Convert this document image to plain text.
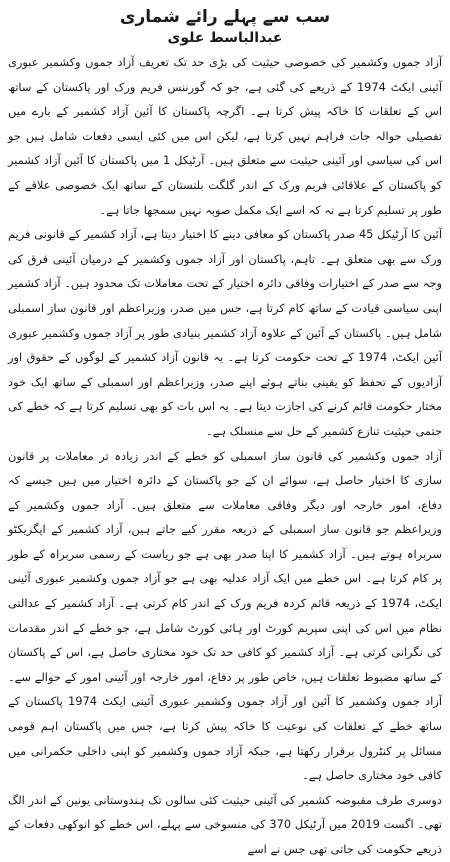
سب سے پہلے رائے شماری
عبدالباسط علوی

آزاد جموں وکشمیر کی خصوصی حیثیت کی بڑی حد تک تعریف آزاد جموں وکشمیر عبوری آئینی ایکٹ 1974 کے ذریعے کی گئی ہے، جو کہ گورننس فریم ورک اور پاکستان کے ساتھ اس کے تعلقات کا خاکہ پیش کرتا ہے۔ اگرچہ پاکستان کا آئین آزاد کشمیر کے بارے میں تفصیلی حوالہ جات فراہم نہیں کرتا ہے، لیکن اس میں کئی ایسی دفعات شامل ہیں جو اس کی سیاسی اور آئینی حیثیت سے متعلق ہیں۔ آرٹیکل 1 میں پاکستان کا آئین آزاد کشمیر کو پاکستان کے علاقائی فریم ورک کے اندر گلگت بلتستان کے ساتھ ایک خصوصی علاقے کے طور پر تسلیم کرتا ہے نہ کہ اسے ایک مکمل صوبہ نہیں سمجھا جاتا ہے۔

آئین کا آرٹیکل 45 صدر پاکستان کو معافی دینے کا اختیار دیتا ہے، آزاد کشمیر کے قانونی فریم ورک سے بھی متعلق ہے۔ تاہم، پاکستان اور آزاد جموں وکشمیر کے درمیان آئینی فرق کی وجہ سے صدر کے اختیارات وفاقی دائرہ اختیار کے تحت معاملات تک محدود ہیں۔ آزاد کشمیر اپنی سیاسی قیادت کے ساتھ کام کرتا ہے، جس میں صدر، وزیراعظم اور قانون ساز اسمبلی شامل ہیں۔ پاکستان کے آئین کے علاوہ آزاد کشمیر بنیادی طور پر آزاد جموں وکشمیر عبوری آئین ایکٹ، 1974 کے تحت حکومت کرتا ہے۔ یہ قانون آزاد کشمیر کے لوگوں کے حقوق اور آزادیوں کے تحفظ کو یقینی بناتے ہوئے اپنے صدر، وزیراعظم اور اسمبلی کے ساتھ ایک خود مختار حکومت قائم کرنے کی اجازت دیتا ہے۔ یہ اس بات کو بھی تسلیم کرتا ہے کہ خطے کی حتمی حیثیت تنازع کشمیر کے حل سے منسلک ہے۔

آزاد جموں وکشمیر کی قانون ساز اسمبلی کو خطے کے اندر زیادہ تر معاملات پر قانون سازی کا اختیار حاصل ہے، سوائے ان کے جو پاکستان کے دائرہ اختیار میں ہیں جیسے کہ دفاع، امور خارجہ اور دیگر وفاقی معاملات سے متعلق ہیں۔ آزاد جموں وکشمیر کے وزیراعظم جو قانون ساز اسمبلی کے ذریعہ مقرر کیے جاتے ہیں، آزاد کشمیر کے ایگزیکٹو سربراہ ہوتے ہیں۔ آزاد کشمیر کا اپنا صدر بھی ہے جو ریاست کے رسمی سربراہ کے طور پر کام کرتا ہے۔ اس خطے میں ایک آزاد عدلیہ بھی ہے جو آزاد جموں وکشمیر عبوری آئینی ایکٹ، 1974 کے ذریعہ قائم کردہ فریم ورک کے اندر کام کرتی ہے۔ آزاد کشمیر کے عدالتی نظام میں اس کی اپنی سپریم کورٹ اور ہائی کورٹ شامل ہے، جو خطے کے اندر مقدمات کی نگرانی کرتی ہے۔ آزاد کشمیر کو کافی حد تک خود مختاری حاصل ہے، اس کے پاکستان کے ساتھ مضبوط تعلقات ہیں، خاص طور پر دفاع، امور خارجہ اور آئینی امور کے حوالے سے۔ آزاد جموں وکشمیر کا آئین اور آزاد جموں وکشمیر عبوری آئینی ایکٹ 1974 پاکستان کے ساتھ خطے کے تعلقات کی نوعیت کا خاکہ پیش کرتا ہے، جس میں پاکستان اہم قومی مسائل پر کنٹرول برقرار رکھتا ہے، جبکہ آزاد جموں وکشمیر کو اپنی داخلی حکمرانی میں کافی خود مختاری حاصل ہے۔

دوسری طرف مقبوضہ کشمیر کی آئینی حیثیت کئی سالوں تک ہندوستانی یونین کے اندر الگ تھی۔ اگست 2019 میں آرٹیکل 370 کی منسوخی سے پہلے، اس خطے کو انوکھی دفعات کے ذریعے حکومت کی جاتی تھی جس نے اسے
